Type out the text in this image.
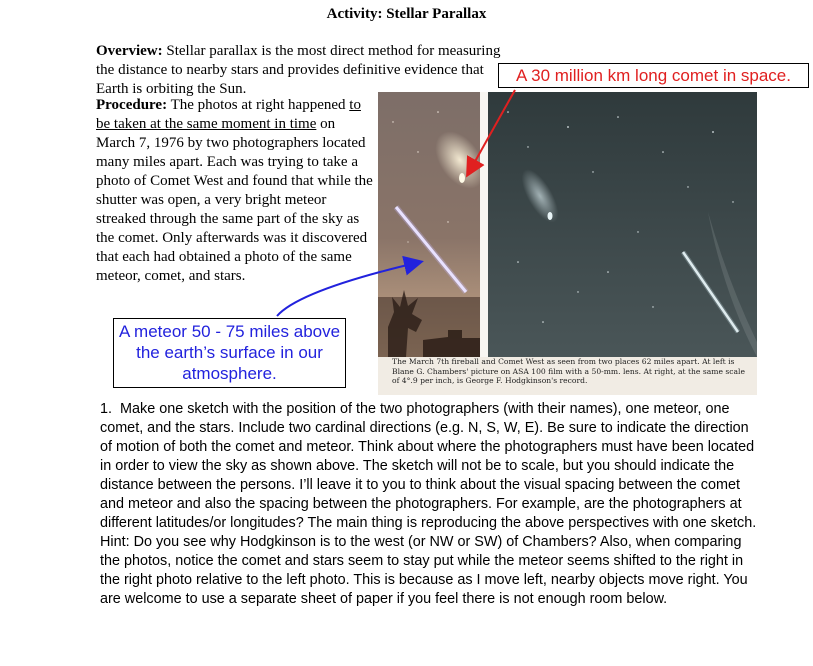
Activity: Stellar Parallax
Overview: Stellar parallax is the most direct method for measuring the distance to nearby stars and provides definitive evidence that Earth is orbiting the Sun.
A 30 million km long comet in space.
Procedure: The photos at right happened to be taken at the same moment in time on March 7, 1976 by two photographers located many miles apart. Each was trying to take a photo of Comet West and found that while the shutter was open, a very bright meteor streaked through the same part of the sky as the comet. Only afterwards was it discovered that each had obtained a photo of the same meteor, comet, and stars.
The March 7th fireball and Comet West as seen from two places 62 miles apart. At left is Blane G. Chambers' picture on ASA 100 film with a 50-mm. lens. At right, at the same scale of 4°.9 per inch, is George F. Hodgkinson's record.
A meteor 50 - 75 miles above the earth’s surface in our atmosphere.
1. Make one sketch with the position of the two photographers (with their names), one meteor, one comet, and the stars. Include two cardinal directions (e.g. N, S, W, E). Be sure to indicate the direction of motion of both the comet and meteor. Think about where the photographers must have been located in order to view the sky as shown above. The sketch will not be to scale, but you should indicate the distance between the persons. I’ll leave it to you to think about the visual spacing between the comet and meteor and also the spacing between the photographers. For example, are the photographers at different latitudes/or longitudes? The main thing is reproducing the above perspectives with one sketch. Hint: Do you see why Hodgkinson is to the west (or NW or SW) of Chambers? Also, when comparing the photos, notice the comet and stars seem to stay put while the meteor seems shifted to the right in the right photo relative to the left photo. This is because as I move left, nearby objects move right. You are welcome to use a separate sheet of paper if you feel there is not enough room below.
